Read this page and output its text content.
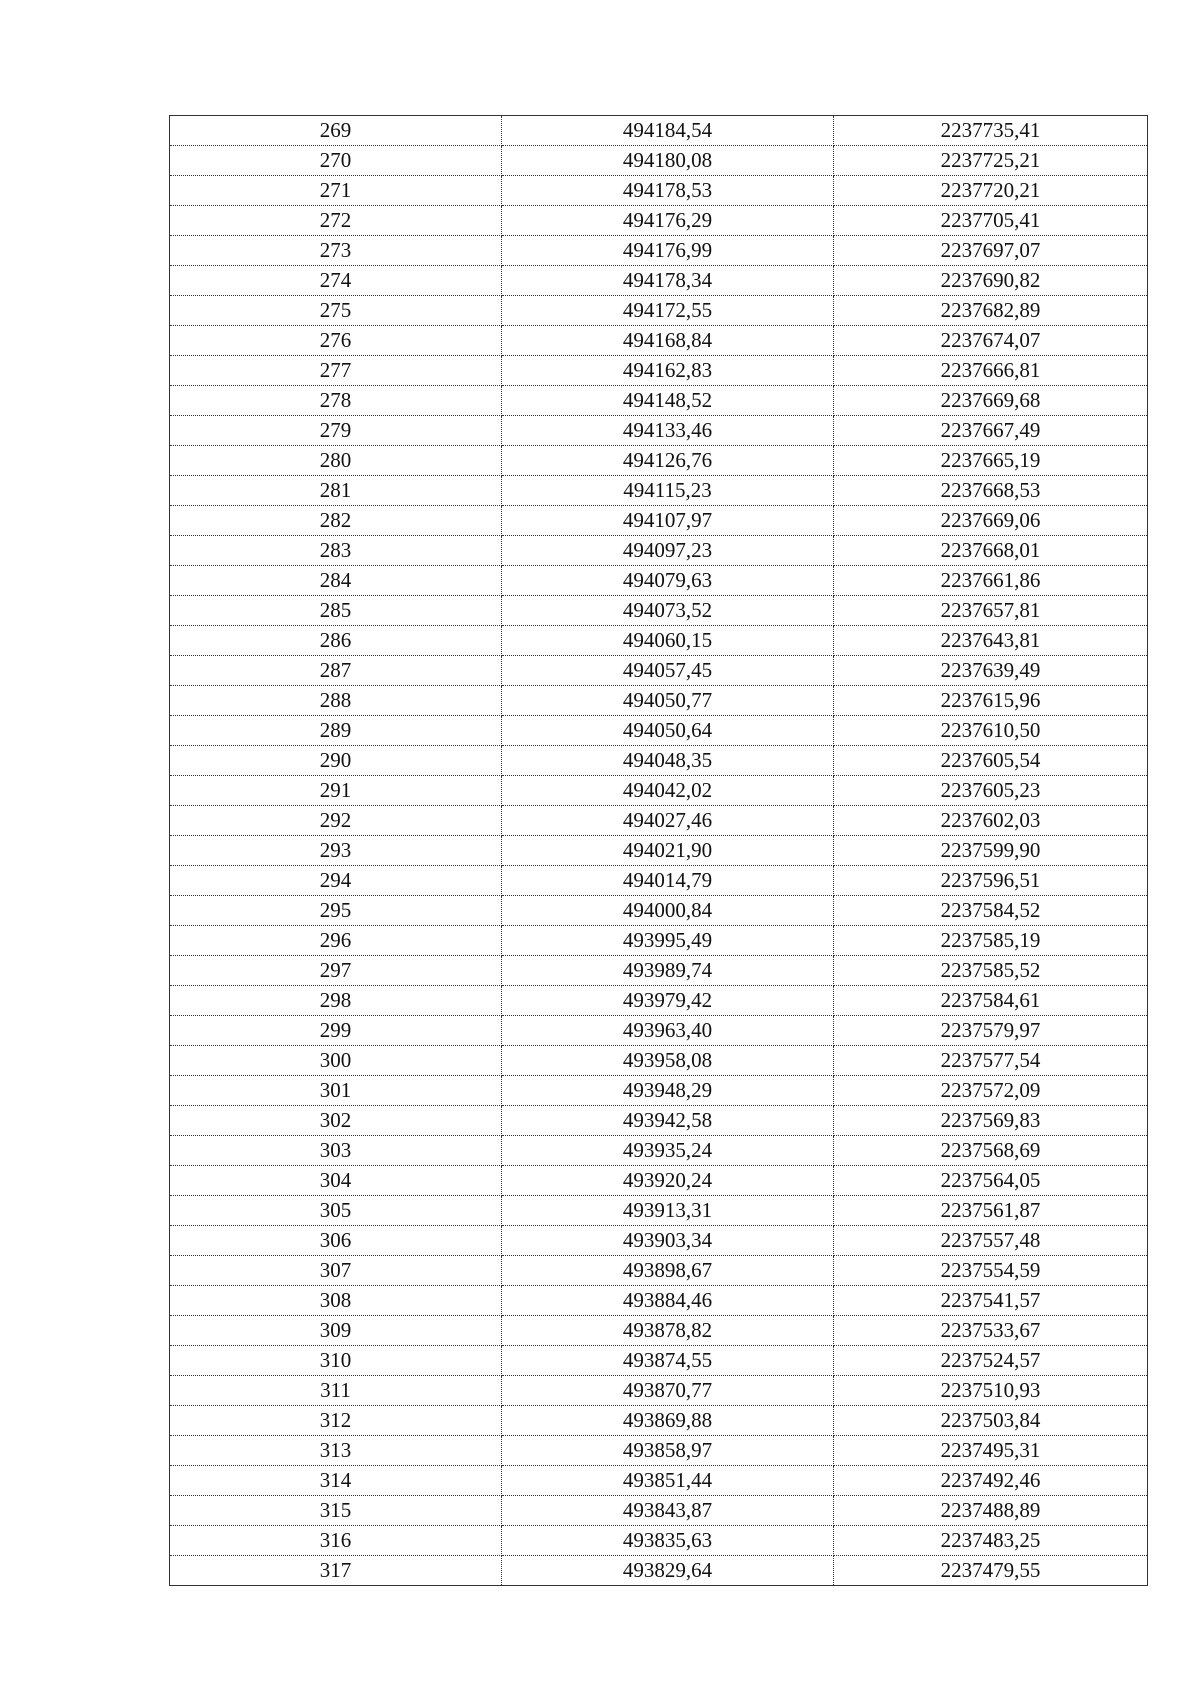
269	494184,54	2237735,41
270	494180,08	2237725,21
271	494178,53	2237720,21
272	494176,29	2237705,41
273	494176,99	2237697,07
274	494178,34	2237690,82
275	494172,55	2237682,89
276	494168,84	2237674,07
277	494162,83	2237666,81
278	494148,52	2237669,68
279	494133,46	2237667,49
280	494126,76	2237665,19
281	494115,23	2237668,53
282	494107,97	2237669,06
283	494097,23	2237668,01
284	494079,63	2237661,86
285	494073,52	2237657,81
286	494060,15	2237643,81
287	494057,45	2237639,49
288	494050,77	2237615,96
289	494050,64	2237610,50
290	494048,35	2237605,54
291	494042,02	2237605,23
292	494027,46	2237602,03
293	494021,90	2237599,90
294	494014,79	2237596,51
295	494000,84	2237584,52
296	493995,49	2237585,19
297	493989,74	2237585,52
298	493979,42	2237584,61
299	493963,40	2237579,97
300	493958,08	2237577,54
301	493948,29	2237572,09
302	493942,58	2237569,83
303	493935,24	2237568,69
304	493920,24	2237564,05
305	493913,31	2237561,87
306	493903,34	2237557,48
307	493898,67	2237554,59
308	493884,46	2237541,57
309	493878,82	2237533,67
310	493874,55	2237524,57
311	493870,77	2237510,93
312	493869,88	2237503,84
313	493858,97	2237495,31
314	493851,44	2237492,46
315	493843,87	2237488,89
316	493835,63	2237483,25
317	493829,64	2237479,55
